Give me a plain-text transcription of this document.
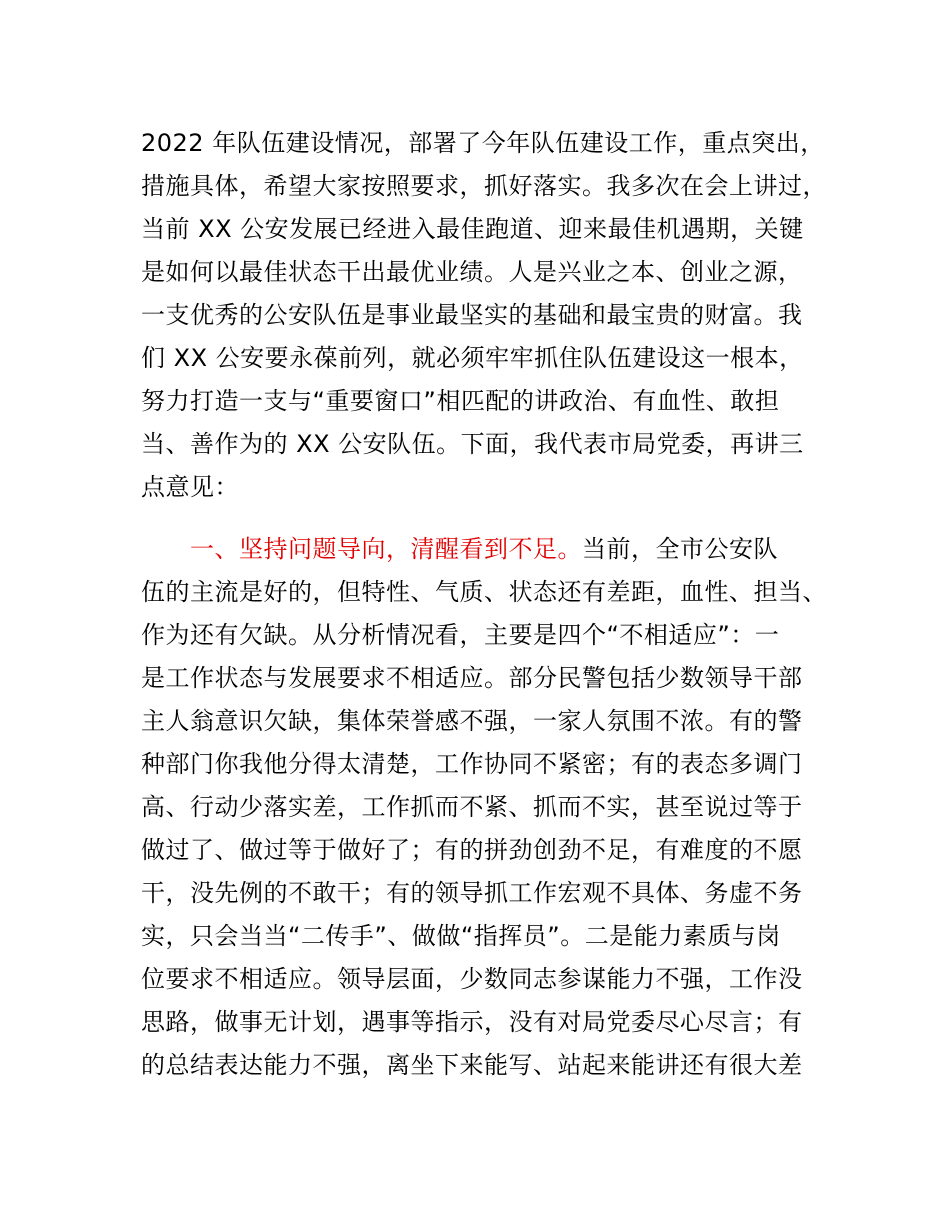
2022 年队伍建设情况，部署了今年队伍建设工作，重点突出，
措施具体，希望大家按照要求，抓好落实。我多次在会上讲过，
当前 XX 公安发展已经进入最佳跑道、迎来最佳机遇期，关键
是如何以最佳状态干出最优业绩。人是兴业之本、创业之源，
一支优秀的公安队伍是事业最坚实的基础和最宝贵的财富。我
们 XX 公安要永葆前列，就必须牢牢抓住队伍建设这一根本，
努力打造一支与“重要窗口”相匹配的讲政治、有血性、敢担
当、善作为的 XX 公安队伍。下面，我代表市局党委，再讲三
点意见：
一、坚持问题导向，清醒看到不足。当前，全市公安队
伍的主流是好的，但特性、气质、状态还有差距，血性、担当、
作为还有欠缺。从分析情况看，主要是四个“不相适应”：一
是工作状态与发展要求不相适应。部分民警包括少数领导干部
主人翁意识欠缺，集体荣誉感不强，一家人氛围不浓。有的警
种部门你我他分得太清楚，工作协同不紧密；有的表态多调门
高、行动少落实差，工作抓而不紧、抓而不实，甚至说过等于
做过了、做过等于做好了；有的拼劲创劲不足，有难度的不愿
干，没先例的不敢干；有的领导抓工作宏观不具体、务虚不务
实，只会当当“二传手”、做做“指挥员”。二是能力素质与岗
位要求不相适应。领导层面，少数同志参谋能力不强，工作没
思路，做事无计划，遇事等指示，没有对局党委尽心尽言；有
的总结表达能力不强，离坐下来能写、站起来能讲还有很大差
